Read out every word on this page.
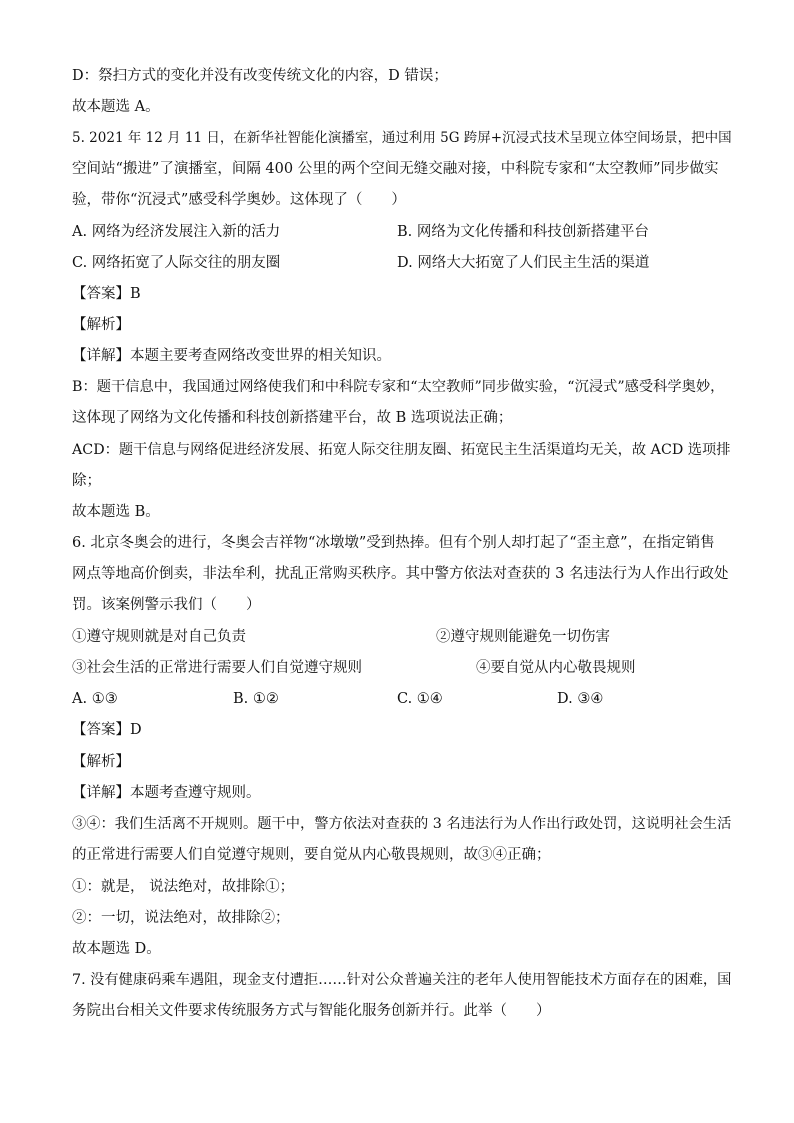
D：祭扫方式的变化并没有改变传统文化的内容，D 错误；
故本题选 A。
5. 2021 年 12 月 11 日，在新华社智能化演播室，通过利用 5G 跨屏+沉浸式技术呈现立体空间场景，把中国
空间站“搬进”了演播室，间隔 400 公里的两个空间无缝交融对接，中科院专家和“太空教师”同步做实
验，带你“沉浸式”感受科学奥妙。这体现了（　　）
A. 网络为经济发展注入新的活力	B. 网络为文化传播和科技创新搭建平台
C. 网络拓宽了人际交往的朋友圈	D. 网络大大拓宽了人们民主生活的渠道
【答案】B
【解析】
【详解】本题主要考查网络改变世界的相关知识。
B：题干信息中，我国通过网络使我们和中科院专家和“太空教师”同步做实验，“沉浸式”感受科学奥妙，
这体现了网络为文化传播和科技创新搭建平台，故 B 选项说法正确；
ACD：题干信息与网络促进经济发展、拓宽人际交往朋友圈、拓宽民主生活渠道均无关，故 ACD 选项排
除；
故本题选 B。
6. 北京冬奥会的进行，冬奥会吉祥物“冰墩墩”受到热捧。但有个别人却打起了“歪主意”，在指定销售
网点等地高价倒卖，非法牟利，扰乱正常购买秩序。其中警方依法对查获的 3 名违法行为人作出行政处
罚。该案例警示我们（　　）
①遵守规则就是对自己负责	②遵守规则能避免一切伤害
③社会生活的正常进行需要人们自觉遵守规则	④要自觉从内心敬畏规则
A. ①③	B. ①②	C. ①④	D. ③④
【答案】D
【解析】
【详解】本题考查遵守规则。
③④：我们生活离不开规则。题干中，警方依法对查获的 3 名违法行为人作出行政处罚，这说明社会生活
的正常进行需要人们自觉遵守规则，要自觉从内心敬畏规则，故③④正确；
①：就是， 说法绝对，故排除①；
②：一切，说法绝对，故排除②；
故本题选 D。
7. 没有健康码乘车遇阻，现金支付遭拒……针对公众普遍关注的老年人使用智能技术方面存在的困难，国
务院出台相关文件要求传统服务方式与智能化服务创新并行。此举（　　）
